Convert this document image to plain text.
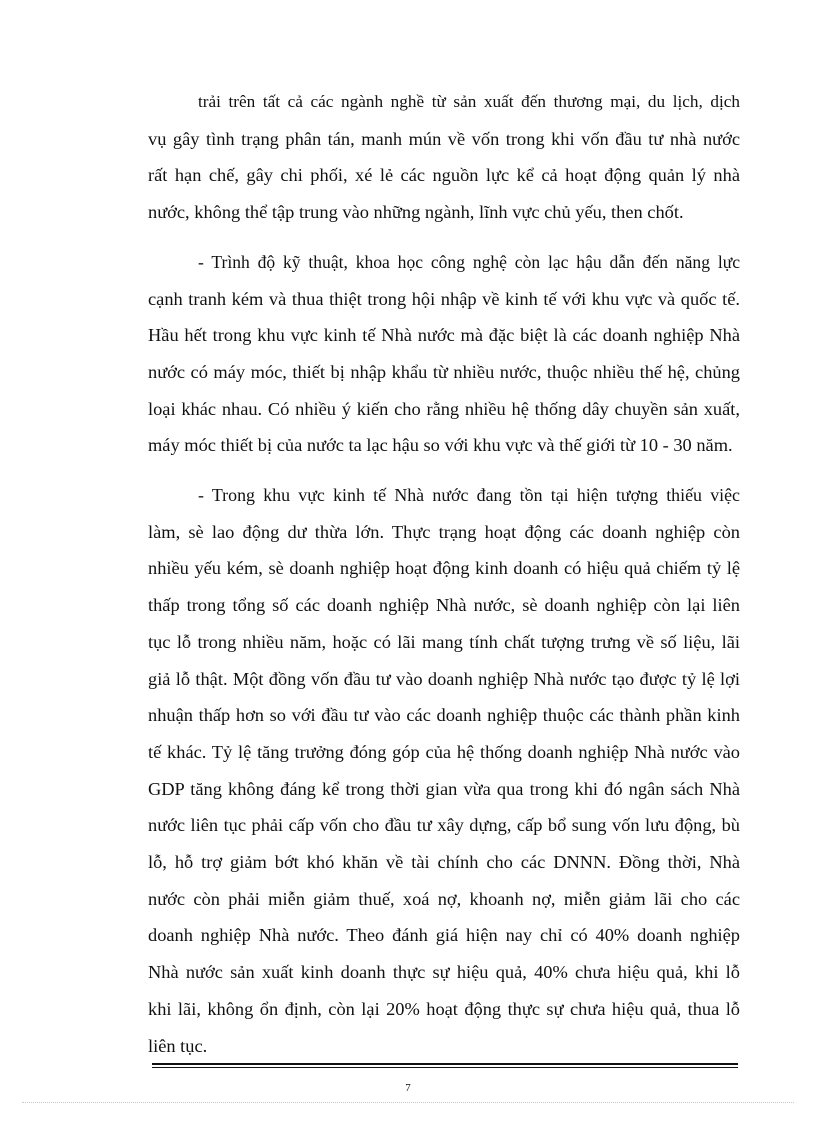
trải trên tất cả các ngành nghề từ sản xuất đến thương mại, du lịch, dịch
vụ gây tình trạng phân tán, manh mún về vốn trong khi vốn đầu tư nhà nước
rất hạn chế, gây chi phối, xé lẻ các nguồn lực kể cả hoạt động quản lý nhà
nước, không thể tập trung vào những ngành, lĩnh vực chủ yếu, then chốt.
- Trình độ kỹ thuật, khoa học công nghệ còn lạc hậu dẫn đến năng lực
cạnh tranh kém và thua thiệt trong hội nhập về kinh tế với khu vực và quốc tế.
Hầu hết trong khu vực kinh tế Nhà nước mà đặc biệt là các doanh nghiệp Nhà
nước có máy móc, thiết bị nhập khẩu từ nhiều nước, thuộc nhiều thế hệ, chủng
loại khác nhau. Có nhiều ý kiến cho rằng nhiều hệ thống dây chuyền sản xuất,
máy móc thiết bị của nước ta lạc hậu so với khu vực và thế giới từ 10 - 30 năm.
- Trong khu vực kinh tế Nhà nước đang tồn tại hiện tượng thiếu việc
làm, sè lao động dư thừa lớn. Thực trạng hoạt động các doanh nghiệp còn
nhiều yếu kém, sè doanh nghiệp hoạt động kinh doanh có hiệu quả chiếm tỷ lệ
thấp trong tổng số các doanh nghiệp Nhà nước, sè doanh nghiệp còn lại liên
tục lỗ trong nhiều năm, hoặc có lãi mang tính chất tượng trưng về số liệu, lãi
giả lỗ thật. Một đồng vốn đầu tư vào doanh nghiệp Nhà nước tạo được tỷ lệ lợi
nhuận thấp hơn so với đầu tư vào các doanh nghiệp thuộc các thành phần kinh
tế khác. Tỷ lệ tăng trưởng đóng góp của hệ thống doanh nghiệp Nhà nước vào
GDP tăng không đáng kể trong thời gian vừa qua trong khi đó ngân sách Nhà
nước liên tục phải cấp vốn cho đầu tư xây dựng, cấp bổ sung vốn lưu động, bù
lỗ, hỗ trợ giảm bớt khó khăn về tài chính cho các DNNN. Đồng thời, Nhà
nước còn phải miễn giảm thuế, xoá nợ, khoanh nợ, miễn giảm lãi cho các
doanh nghiệp Nhà nước. Theo đánh giá hiện nay chỉ có 40% doanh nghiệp
Nhà nước sản xuất kinh doanh thực sự hiệu quả, 40% chưa hiệu quả, khi lỗ
khi lãi, không ổn định, còn lại 20% hoạt động thực sự chưa hiệu quả, thua lỗ
liên tục.
7
